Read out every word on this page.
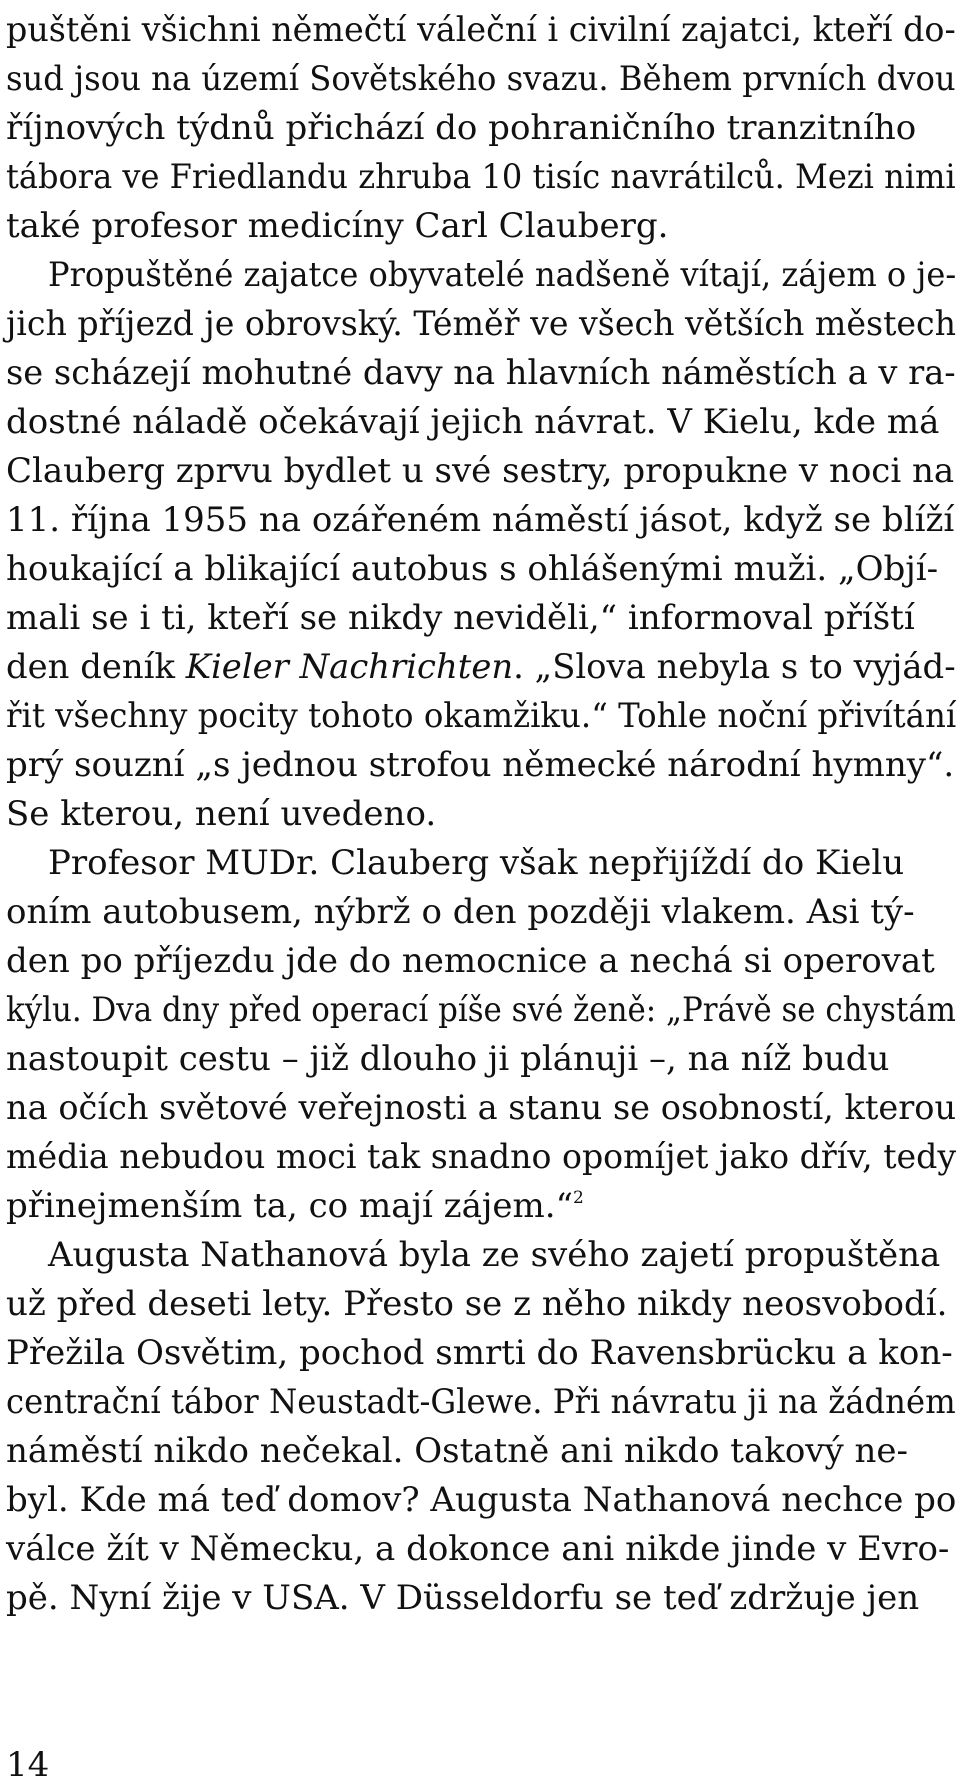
puštěni všichni němečtí váleční i civilní zajatci, kteří do-
sud jsou na území Sovětského svazu. Během prvních dvou
říjnových týdnů přichází do pohraničního tranzitního
tábora ve Friedlandu zhruba 10 tisíc navrátilců. Mezi nimi
také profesor medicíny Carl Clauberg.
Propuštěné zajatce obyvatelé nadšeně vítají, zájem o je-
jich příjezd je obrovský. Téměř ve všech větších městech
se scházejí mohutné davy na hlavních náměstích a v ra-
dostné náladě očekávají jejich návrat. V Kielu, kde má
Clauberg zprvu bydlet u své sestry, propukne v noci na
11. října 1955 na ozářeném náměstí jásot, když se blíží
houkající a blikající autobus s ohlášenými muži. „Objí-
mali se i ti, kteří se nikdy neviděli,“ informoval příští
den deník Kieler Nachrichten. „Slova nebyla s to vyjád-
řit všechny pocity tohoto okamžiku.“ Tohle noční přivítání
prý souzní „s jednou strofou německé národní hymny“.
Se kterou, není uvedeno.
Profesor MUDr. Clauberg však nepřijíždí do Kielu
oním autobusem, nýbrž o den později vlakem. Asi tý-
den po příjezdu jde do nemocnice a nechá si operovat
kýlu. Dva dny před operací píše své ženě: „Právě se chystám
nastoupit cestu – již dlouho ji plánuji –, na níž budu
na očích světové veřejnosti a stanu se osobností, kterou
média nebudou moci tak snadno opomíjet jako dřív, tedy
přinejmenším ta, co mají zájem.“$^2$
Augusta Nathanová byla ze svého zajetí propuštěna
už před deseti lety. Přesto se z něho nikdy neosvobodí.
Přežila Osvětim, pochod smrti do Ravensbrücku a kon-
centrační tábor Neustadt-Glewe. Při návratu ji na žádném
náměstí nikdo nečekal. Ostatně ani nikdo takový ne-
byl. Kde má teď domov? Augusta Nathanová nechce po
válce žít v Německu, a dokonce ani nikde jinde v Evro-
pě. Nyní žije v USA. V Düsseldorfu se teď zdržuje jen
14
